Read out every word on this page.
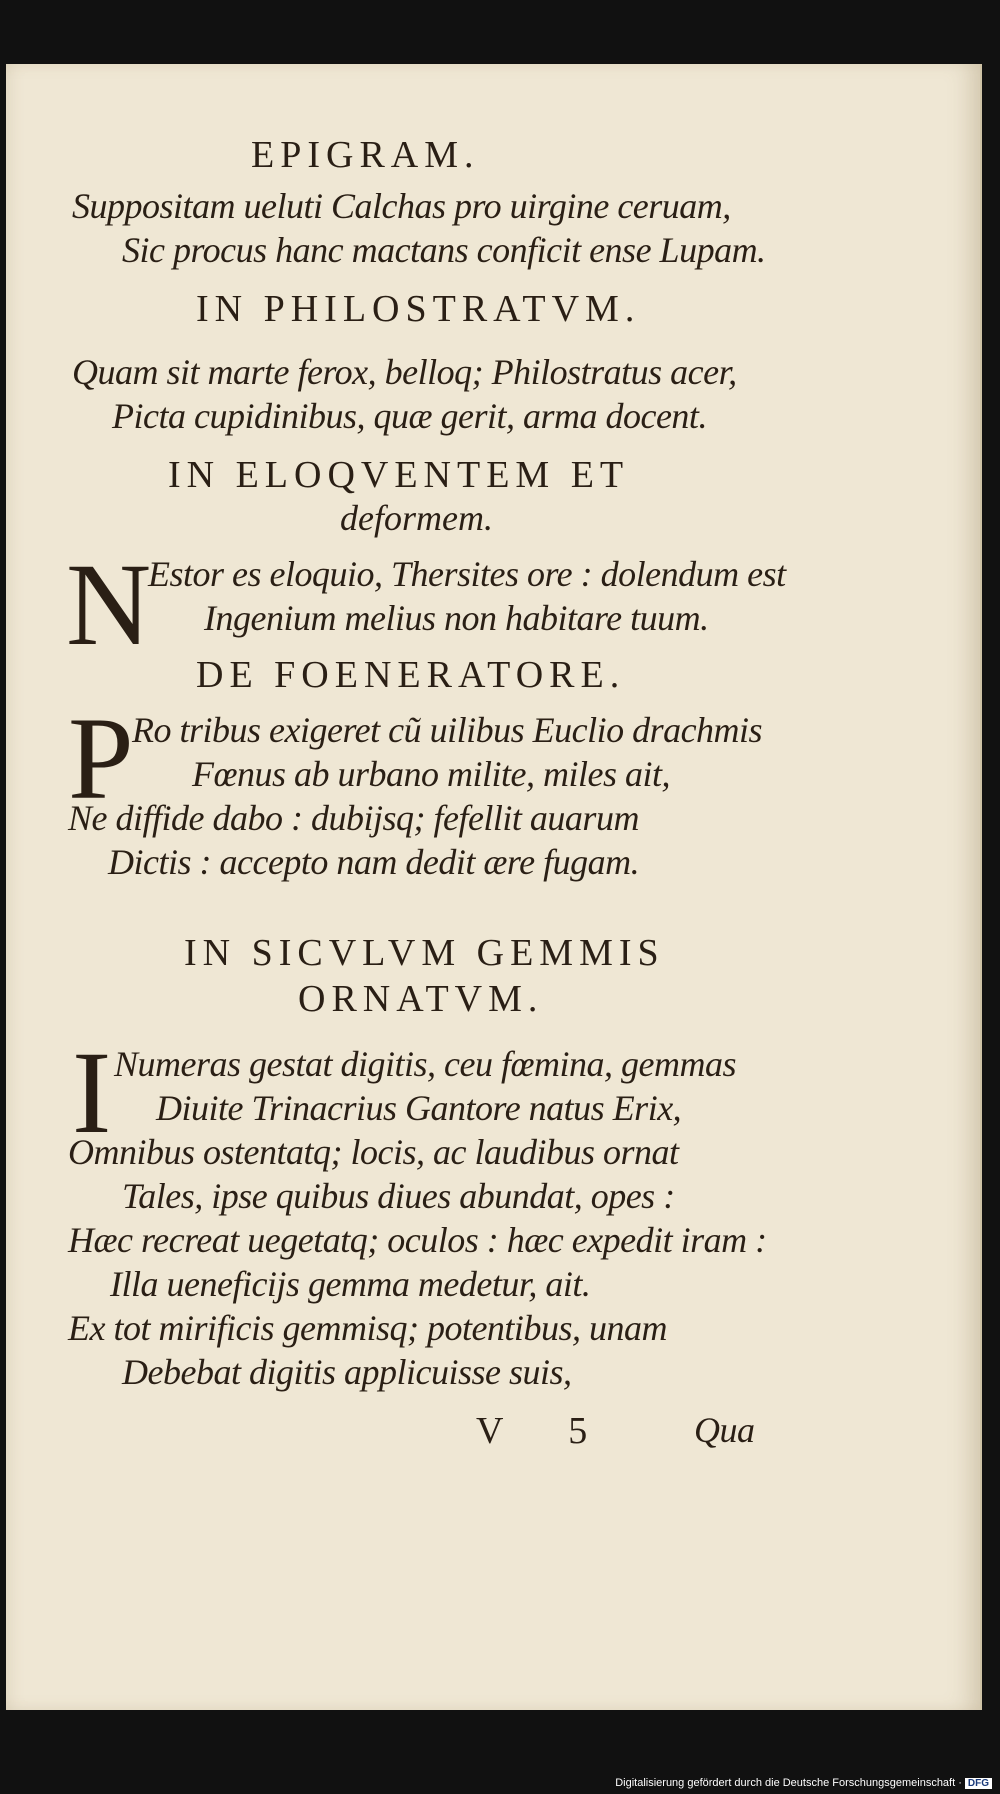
EPIGRAM.
Suppositam ueluti Calchas pro uirgine ceruam,
Sic procus hanc mactans conficit ense Lupam.
IN PHILOSTRATVM.
Quam sit marte ferox, belloq; Philostratus acer,
Picta cupidinibus, quæ gerit, arma docent.
IN ELOQVENTEM ET
deformem.
N
Estor es eloquio, Thersites ore : dolendum est
Ingenium melius non habitare tuum.
DE FOENERATORE.
P
Ro tribus exigeret cũ uilibus Euclio drachmis
Fœnus ab urbano milite, miles ait,
Ne diffide dabo : dubijsq; fefellit auarum
Dictis : accepto nam dedit ære fugam.
IN SICVLVM GEMMIS
ORNATVM.
I Numeras gestat digitis, ceu fœmina, gemmas
Diuite Trinacrius Gantore natus Erix,
Omnibus ostentatq; locis, ac laudibus ornat
Tales, ipse quibus diues abundat, opes :
Hæc recreat uegetatq; oculos : hæc expedit iram :
Illa ueneficijs gemma medetur, ait.
Ex tot mirificis gemmisq; potentibus, unam
Debebat digitis applicuisse suis,
V 5 Qua
Digitalisierung gefördert durch die Deutsche Forschungsgemeinschaft · DFG
